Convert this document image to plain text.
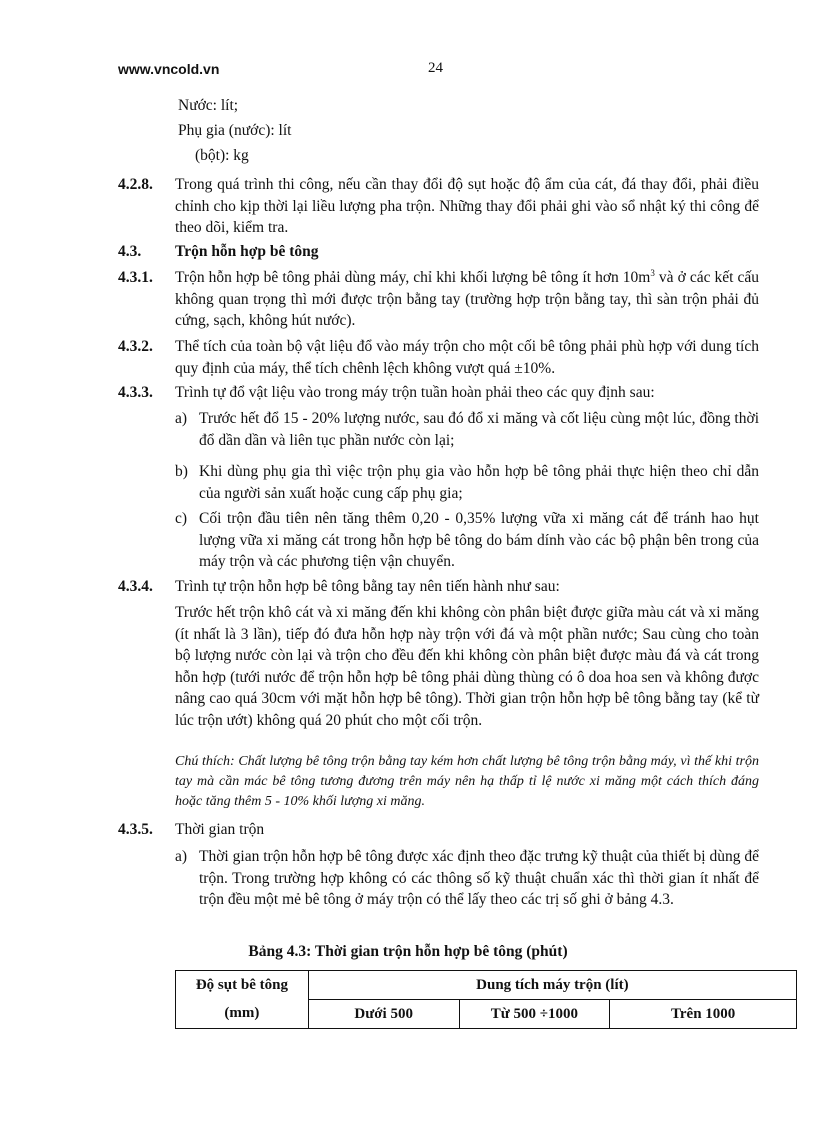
www.vncold.vn	24
Nước: lít;
Phụ gia (nước): lít
(bột): kg
4.2.8. Trong quá trình thi công, nếu cần thay đổi độ sụt hoặc độ ẩm của cát, đá thay đổi, phải điều chỉnh cho kịp thời lại liều lượng pha trộn. Những thay đổi phải ghi vào sổ nhật ký thi công để theo dõi, kiểm tra.
4.3. Trộn hỗn hợp bê tông
4.3.1. Trộn hỗn hợp bê tông phải dùng máy, chỉ khi khối lượng bê tông ít hơn $10m^3$ và ở các kết cấu không quan trọng thì mới được trộn bằng tay (trường hợp trộn bằng tay, thì sàn trộn phải đủ cứng, sạch, không hút nước).
4.3.2. Thể tích của toàn bộ vật liệu đổ vào máy trộn cho một cối bê tông phải phù hợp với dung tích quy định của máy, thể tích chênh lệch không vượt quá ±10%.
4.3.3. Trình tự đổ vật liệu vào trong máy trộn tuần hoàn phải theo các quy định sau:
a) Trước hết đổ 15 - 20% lượng nước, sau đó đổ xi măng và cốt liệu cùng một lúc, đồng thời đổ dần dần và liên tục phần nước còn lại;
b) Khi dùng phụ gia thì việc trộn phụ gia vào hỗn hợp bê tông phải thực hiện theo chỉ dẫn của người sản xuất hoặc cung cấp phụ gia;
c) Cối trộn đầu tiên nên tăng thêm 0,20 - 0,35% lượng vữa xi măng cát để tránh hao hụt lượng vữa xi măng cát trong hỗn hợp bê tông do bám dính vào các bộ phận bên trong của máy trộn và các phương tiện vận chuyển.
4.3.4. Trình tự trộn hỗn hợp bê tông bằng tay nên tiến hành như sau:
Trước hết trộn khô cát và xi măng đến khi không còn phân biệt được giữa màu cát và xi măng (ít nhất là 3 lần), tiếp đó đưa hỗn hợp này trộn với đá và một phần nước; Sau cùng cho toàn bộ lượng nước còn lại và trộn cho đều đến khi không còn phân biệt được màu đá và cát trong hỗn hợp (tưới nước để trộn hỗn hợp bê tông phải dùng thùng có ô doa hoa sen và không được nâng cao quá 30cm với mặt hỗn hợp bê tông). Thời gian trộn hỗn hợp bê tông bằng tay (kể từ lúc trộn ướt) không quá 20 phút cho một cối trộn.
Chú thích: Chất lượng bê tông trộn bằng tay kém hơn chất lượng bê tông trộn bằng máy, vì thế khi trộn tay mà cần mác bê tông tương đương trên máy nên hạ thấp tỉ lệ nước xi măng một cách thích đáng hoặc tăng thêm 5 - 10% khối lượng xi măng.
4.3.5. Thời gian trộn
a) Thời gian trộn hỗn hợp bê tông được xác định theo đặc trưng kỹ thuật của thiết bị dùng để trộn. Trong trường hợp không có các thông số kỹ thuật chuẩn xác thì thời gian ít nhất để trộn đều một mẻ bê tông ở máy trộn có thể lấy theo các trị số ghi ở bảng 4.3.
Bảng 4.3: Thời gian trộn hỗn hợp bê tông (phút)
Độ sụt bê tông	Dung tích máy trộn (lít)		
(mm)	Dưới 500	Từ 500 ÷1000	Trên 1000
